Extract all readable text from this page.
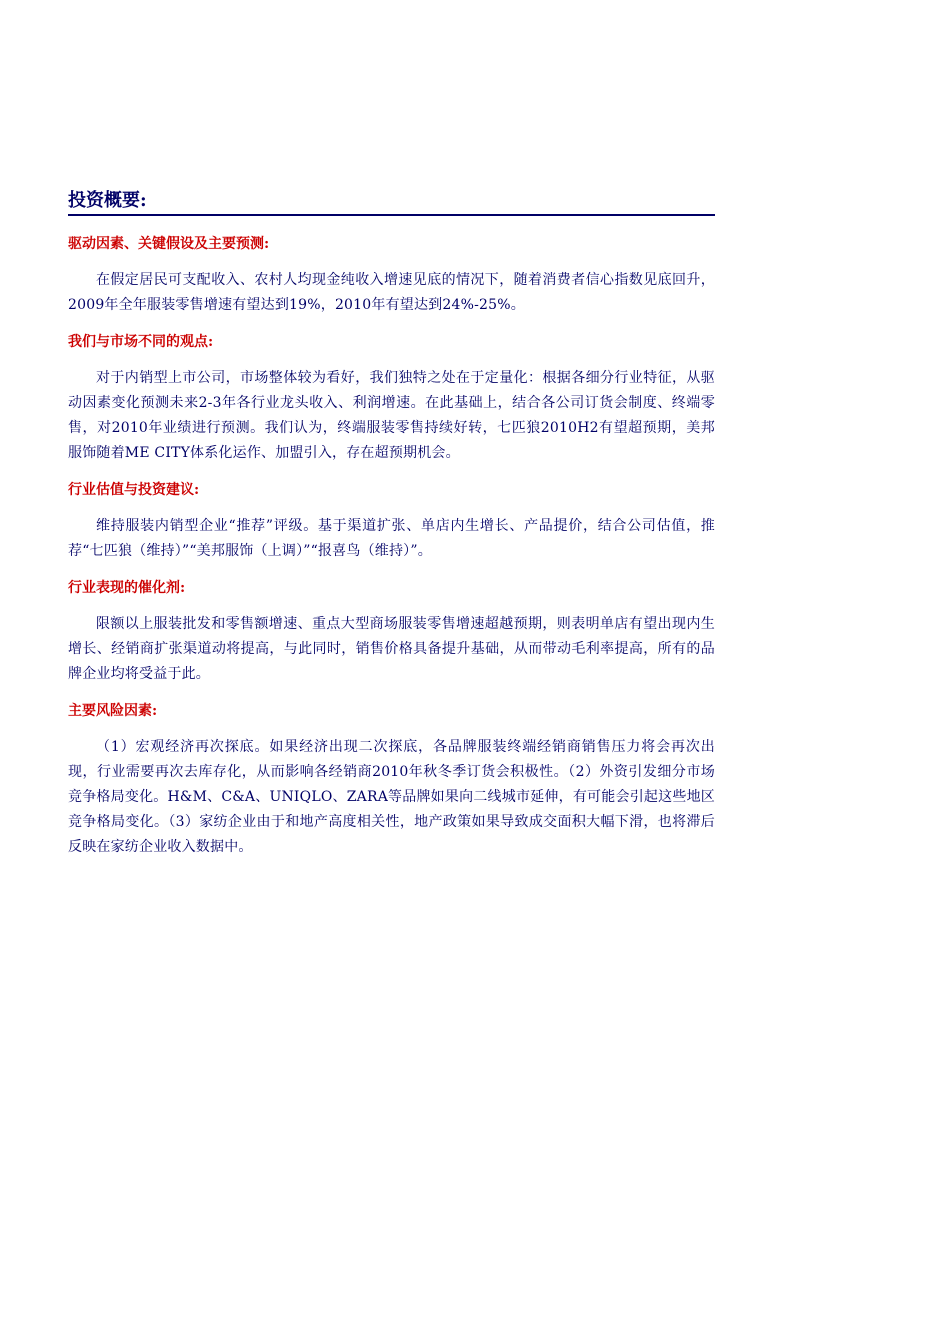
投资概要:
驱动因素、关键假设及主要预测:

在假定居民可支配收入、农村人均现金纯收入增速见底的情况下，随着消费者信心指数见底回升，2009年全年服装零售增速有望达到19%，2010年有望达到24%-25%。

我们与市场不同的观点:

对于内销型上市公司，市场整体较为看好，我们独特之处在于定量化：根据各细分行业特征，从驱动因素变化预测未来2-3年各行业龙头收入、利润增速。在此基础上，结合各公司订货会制度、终端零售，对2010年业绩进行预测。我们认为，终端服装零售持续好转，七匹狼2010H2有望超预期，美邦服饰随着ME CITY体系化运作、加盟引入，存在超预期机会。

行业估值与投资建议:

维持服装内销型企业“推荐”评级。基于渠道扩张、单店内生增长、产品提价，结合公司估值，推荐“七匹狼（维持）”“美邦服饰（上调）”“报喜鸟（维持）”。

行业表现的催化剂:

限额以上服装批发和零售额增速、重点大型商场服装零售增速超越预期，则表明单店有望出现内生增长、经销商扩张渠道动将提高，与此同时，销售价格具备提升基础，从而带动毛利率提高，所有的品牌企业均将受益于此。

主要风险因素:

（1）宏观经济再次探底。如果经济出现二次探底，各品牌服装终端经销商销售压力将会再次出现，行业需要再次去库存化，从而影响各经销商2010年秋冬季订货会积极性。（2）外资引发细分市场竞争格局变化。H&M、C&A、UNIQLO、ZARA等品牌如果向二线城市延伸，有可能会引起这些地区竞争格局变化。（3）家纺企业由于和地产高度相关性，地产政策如果导致成交面积大幅下滑，也将滞后反映在家纺企业收入数据中。
